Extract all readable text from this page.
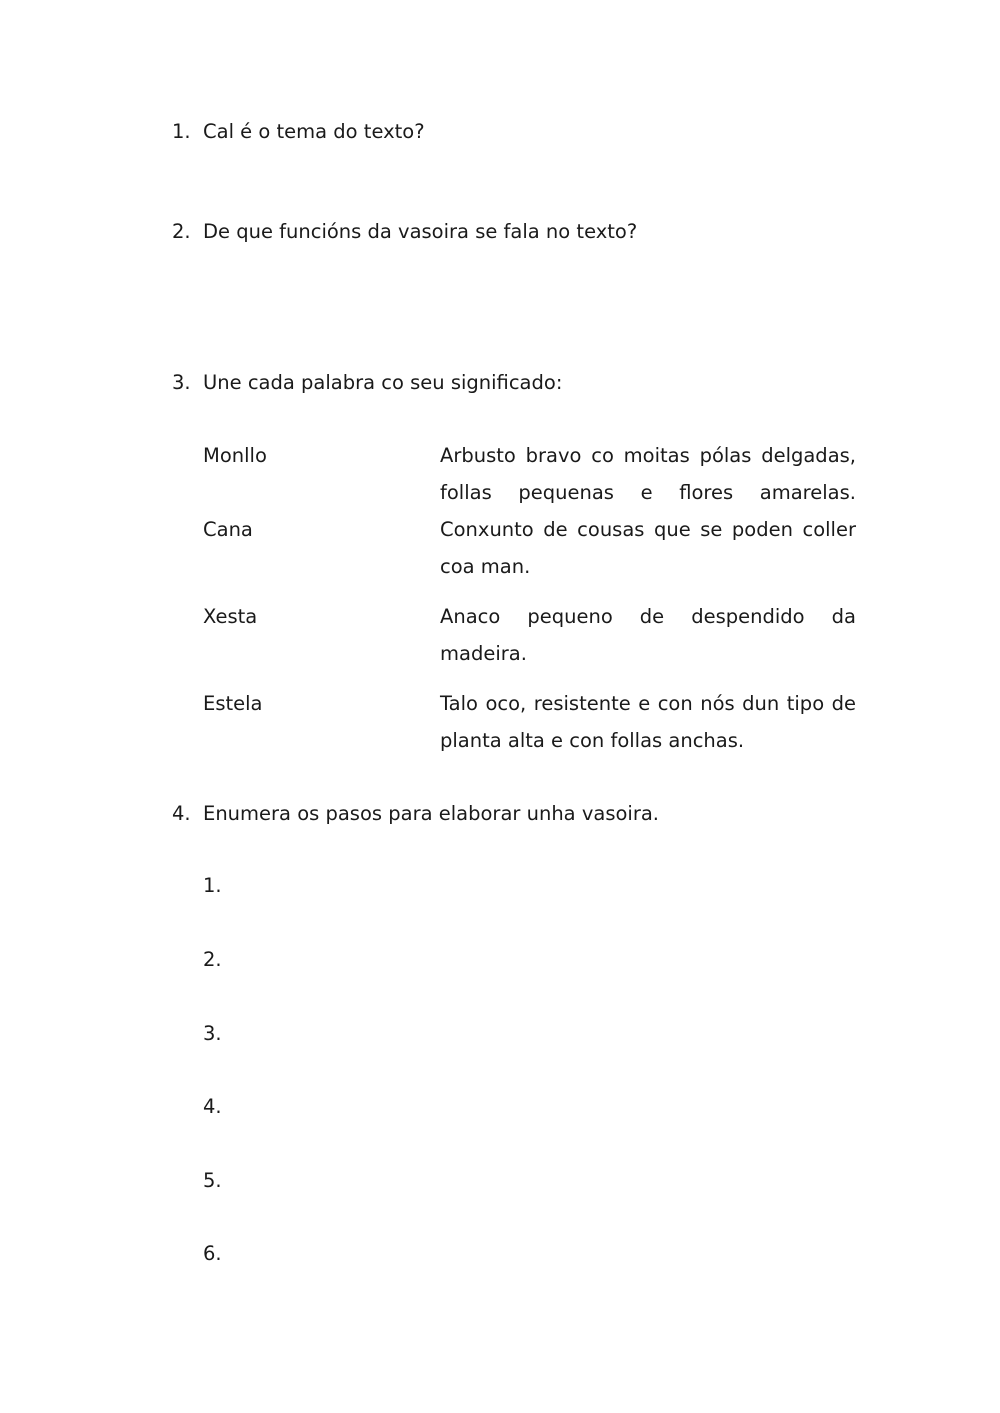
1. Cal é o tema do texto?
2. De que funcións da vasoira se fala no texto?
3. Une cada palabra co seu significado:
Monllo	Arbusto bravo co moitas pólas delgadas, follas pequenas e flores amarelas.
Cana	Conxunto de cousas que se poden coller coa man.
Xesta	Anaco pequeno de despendido da madeira.
Estela	Talo oco, resistente e con nós dun tipo de planta alta e con follas anchas.
4. Enumera os pasos para elaborar unha vasoira.
1.
2.
3.
4.
5.
6.
